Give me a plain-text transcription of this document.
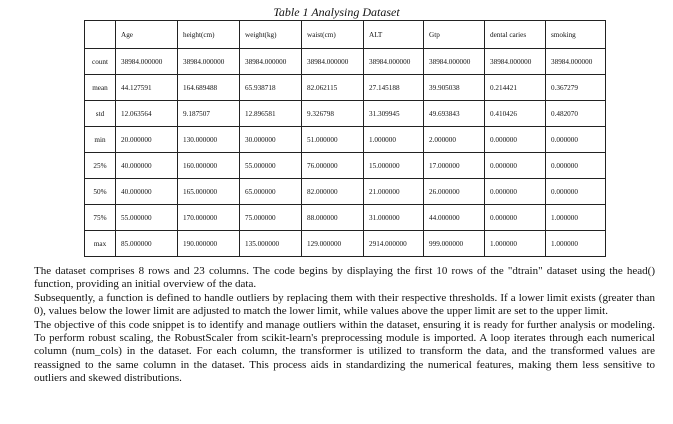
Table 1 Analysing Dataset
	Age	height(cm)	weight(kg)	waist(cm)	ALT	Gtp	dental caries	smoking
count	38984.000000	38984.000000	38984.000000	38984.000000	38984.000000	38984.000000	38984.000000	38984.000000
mean	44.127591	164.689488	65.938718	82.062115	27.145188	39.905038	0.214421	0.367279
std	12.063564	9.187507	12.896581	9.326798	31.309945	49.693843	0.410426	0.482070
min	20.000000	130.000000	30.000000	51.000000	1.000000	2.000000	0.000000	0.000000
25%	40.000000	160.000000	55.000000	76.000000	15.000000	17.000000	0.000000	0.000000
50%	40.000000	165.000000	65.000000	82.000000	21.000000	26.000000	0.000000	0.000000
75%	55.000000	170.000000	75.000000	88.000000	31.000000	44.000000	0.000000	1.000000
max	85.000000	190.000000	135.000000	129.000000	2914.000000	999.000000	1.000000	1.000000

The dataset comprises 8 rows and 23 columns. The code begins by displaying the first 10 rows of the "dtrain" dataset using the head() function, providing an initial overview of the data.

Subsequently, a function is defined to handle outliers by replacing them with their respective thresholds. If a lower limit exists (greater than 0), values below the lower limit are adjusted to match the lower limit, while values above the upper limit are set to the upper limit.

The objective of this code snippet is to identify and manage outliers within the dataset, ensuring it is ready for further analysis or modeling. To perform robust scaling, the RobustScaler from scikit-learn's preprocessing module is imported. A loop iterates through each numerical column (num_cols) in the dataset. For each column, the transformer is utilized to transform the data, and the transformed values are reassigned to the same column in the dataset. This process aids in standardizing the numerical features, making them less sensitive to outliers and skewed distributions.
